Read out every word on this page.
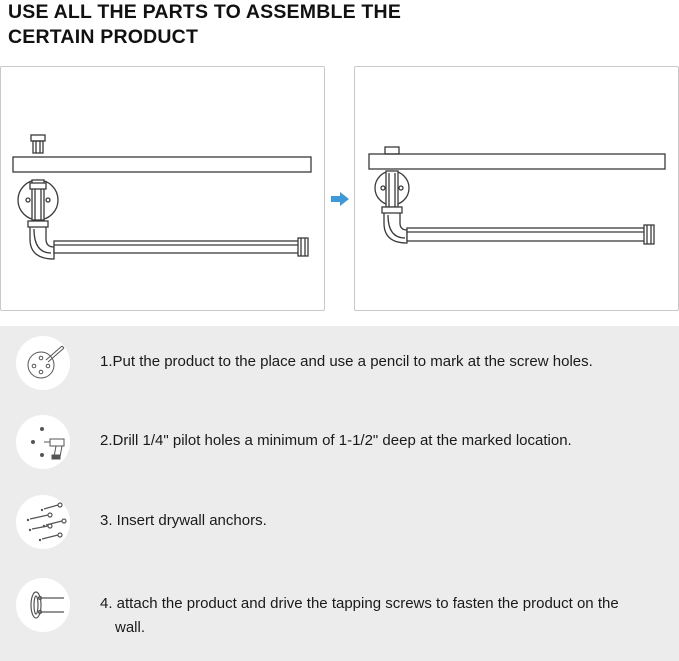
USE ALL THE PARTS TO ASSEMBLE THE
CERTAIN PRODUCT
1.Put the product to the place and use a pencil to mark at the screw holes.
2.Drill 1/4" pilot holes a minimum of 1-1/2" deep at the marked location.
3. Insert drywall anchors.
4. attach the product and drive the tapping screws to fasten the product on the
wall.
